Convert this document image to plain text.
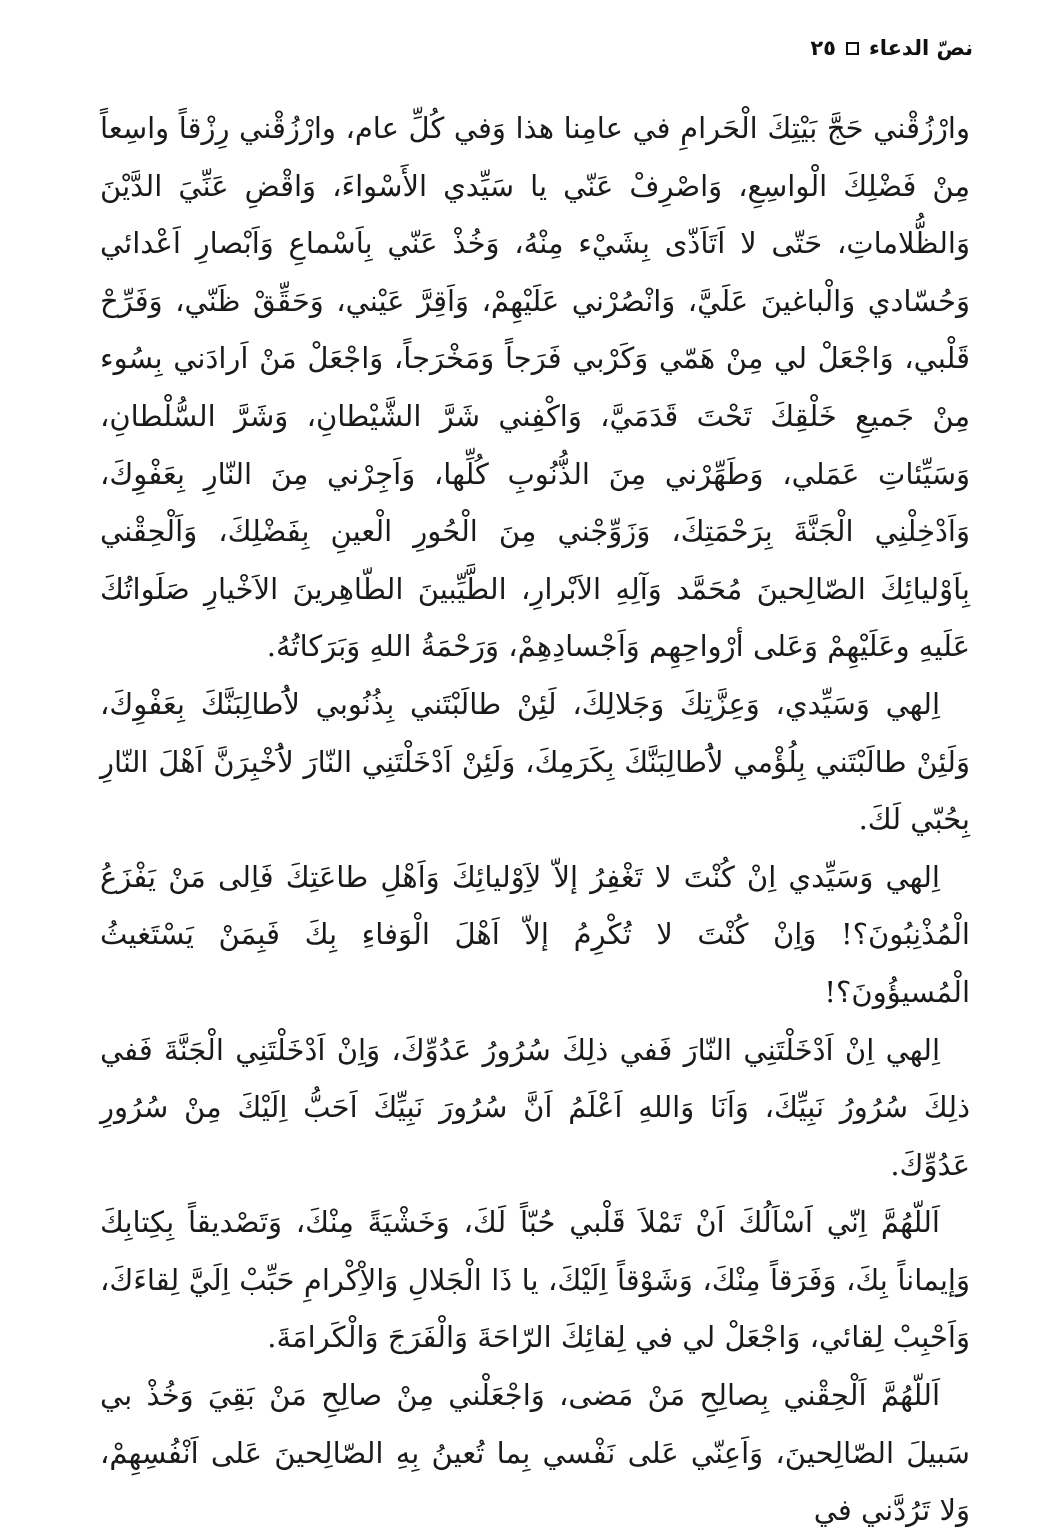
نصّ الدعاء
٢٥

وارْزُقْني حَجَّ بَيْتِكَ الْحَرامِ في عامِنا هذا وَفي كُلِّ عام، وارْزُقْني رِزْقاً واسِعاً مِنْ فَضْلِكَ الْواسِعِ، وَاصْرِفْ عَنّي يا سَيِّدي الأَسْواءَ، وَاقْضِ عَنِّيَ الدَّيْنَ وَالظُّلاماتِ، حَتّى لا اَتَاَذّى بِشَيْء مِنْهُ، وَخُذْ عَنّي بِاَسْماعِ وَاَبْصارِ اَعْدائي وَحُسّادي وَالْباغينَ عَلَيَّ، وَانْصُرْني عَلَيْهِمْ، وَاَقِرَّ عَيْني، وَحَقِّقْ ظَنّي، وَفَرِّحْ قَلْبي، وَاجْعَلْ لي مِنْ هَمّي وَكَرْبي فَرَجاً وَمَخْرَجاً، وَاجْعَلْ مَنْ اَرادَني بِسُوء مِنْ جَميعِ خَلْقِكَ تَحْتَ قَدَمَيَّ، وَاكْفِني شَرَّ الشَّيْطانِ، وَشَرَّ السُّلْطانِ، وَسَيِّئاتِ عَمَلي، وَطَهِّرْني مِنَ الذُّنُوبِ كُلِّها، وَاَجِرْني مِنَ النّارِ بِعَفْوِكَ، وَاَدْخِلْنِي الْجَنَّةَ بِرَحْمَتِكَ، وَزَوِّجْني مِنَ الْحُورِ الْعينِ بِفَضْلِكَ، وَاَلْحِقْني بِاَوْليائِكَ الصّالِحينَ مُحَمَّد وَآلِهِ الاَبْرارِ، الطَّيِّبينَ الطّاهِرينَ الاَخْيارِ صَلَواتُكَ عَلَيهِ وعَلَيْهِمْ وَعَلى أرْواحِهِم وَاَجْسادِهِمْ، وَرَحْمَةُ اللهِ وَبَرَكاتُهُ.

اِلهي وَسَيِّدي، وَعِزَّتِكَ وَجَلالِكَ، لَئِنْ طالَبْتَني بِذُنُوبي لاَُطالِبَنَّكَ بِعَفْوِكَ، وَلَئِنْ طالَبْتَني بِلُؤْمي لاَُطالِبَنَّكَ بِكَرَمِكَ، وَلَئِنْ اَدْخَلْتَنِي النّارَ لاَُخْبِرَنَّ اَهْلَ النّارِ بِحُبّي لَكَ.

اِلهي وَسَيِّدي اِنْ كُنْتَ لا تَغْفِرُ إلاّ لاَِوْليائِكَ وَاَهْلِ طاعَتِكَ فَاِلى مَنْ يَفْزَعُ الْمُذْنِبُونَ؟! وَاِنْ كُنْتَ لا تُكْرِمُ إلاّ اَهْلَ الْوَفاءِ بِكَ فَبِمَنْ يَسْتَغيثُ الْمُسيؤُونَ؟!

اِلهي اِنْ اَدْخَلْتَنِي النّارَ فَفي ذلِكَ سُرُورُ عَدُوِّكَ، وَاِنْ اَدْخَلْتَنِي الْجَنَّةَ فَفي ذلِكَ سُرُورُ نَبِيِّكَ، وَاَنَا وَاللهِ اَعْلَمُ اَنَّ سُرُورَ نَبِيِّكَ اَحَبُّ اِلَيْكَ مِنْ سُرُورِ عَدُوِّكَ.

اَللّهُمَّ اِنّي اَسْاَلُكَ اَنْ تَمْلاَ قَلْبي حُبّاً لَكَ، وَخَشْيَةً مِنْكَ، وَتَصْديقاً بِكِتابِكَ وَإيماناً بِكَ، وَفَرَقاً مِنْكَ، وَشَوْقاً اِلَيْكَ، يا ذَا الْجَلالِ وَالاِْكْرامِ حَبِّبْ اِلَيَّ لِقاءَكَ، وَاَحْبِبْ لِقائي، وَاجْعَلْ لي في لِقائِكَ الرّاحَةَ وَالْفَرَجَ وَالْكَرامَةَ.

اَللّهُمَّ اَلْحِقْني بِصالِحِ مَنْ مَضى، وَاجْعَلْني مِنْ صالِحِ مَنْ بَقِيَ وَخُذْ بي سَبيلَ الصّالِحينَ، وَاَعِنّي عَلى نَفْسي بِما تُعينُ بِهِ الصّالِحينَ عَلى اَنْفُسِهِمْ، وَلا تَرُدَّني في
